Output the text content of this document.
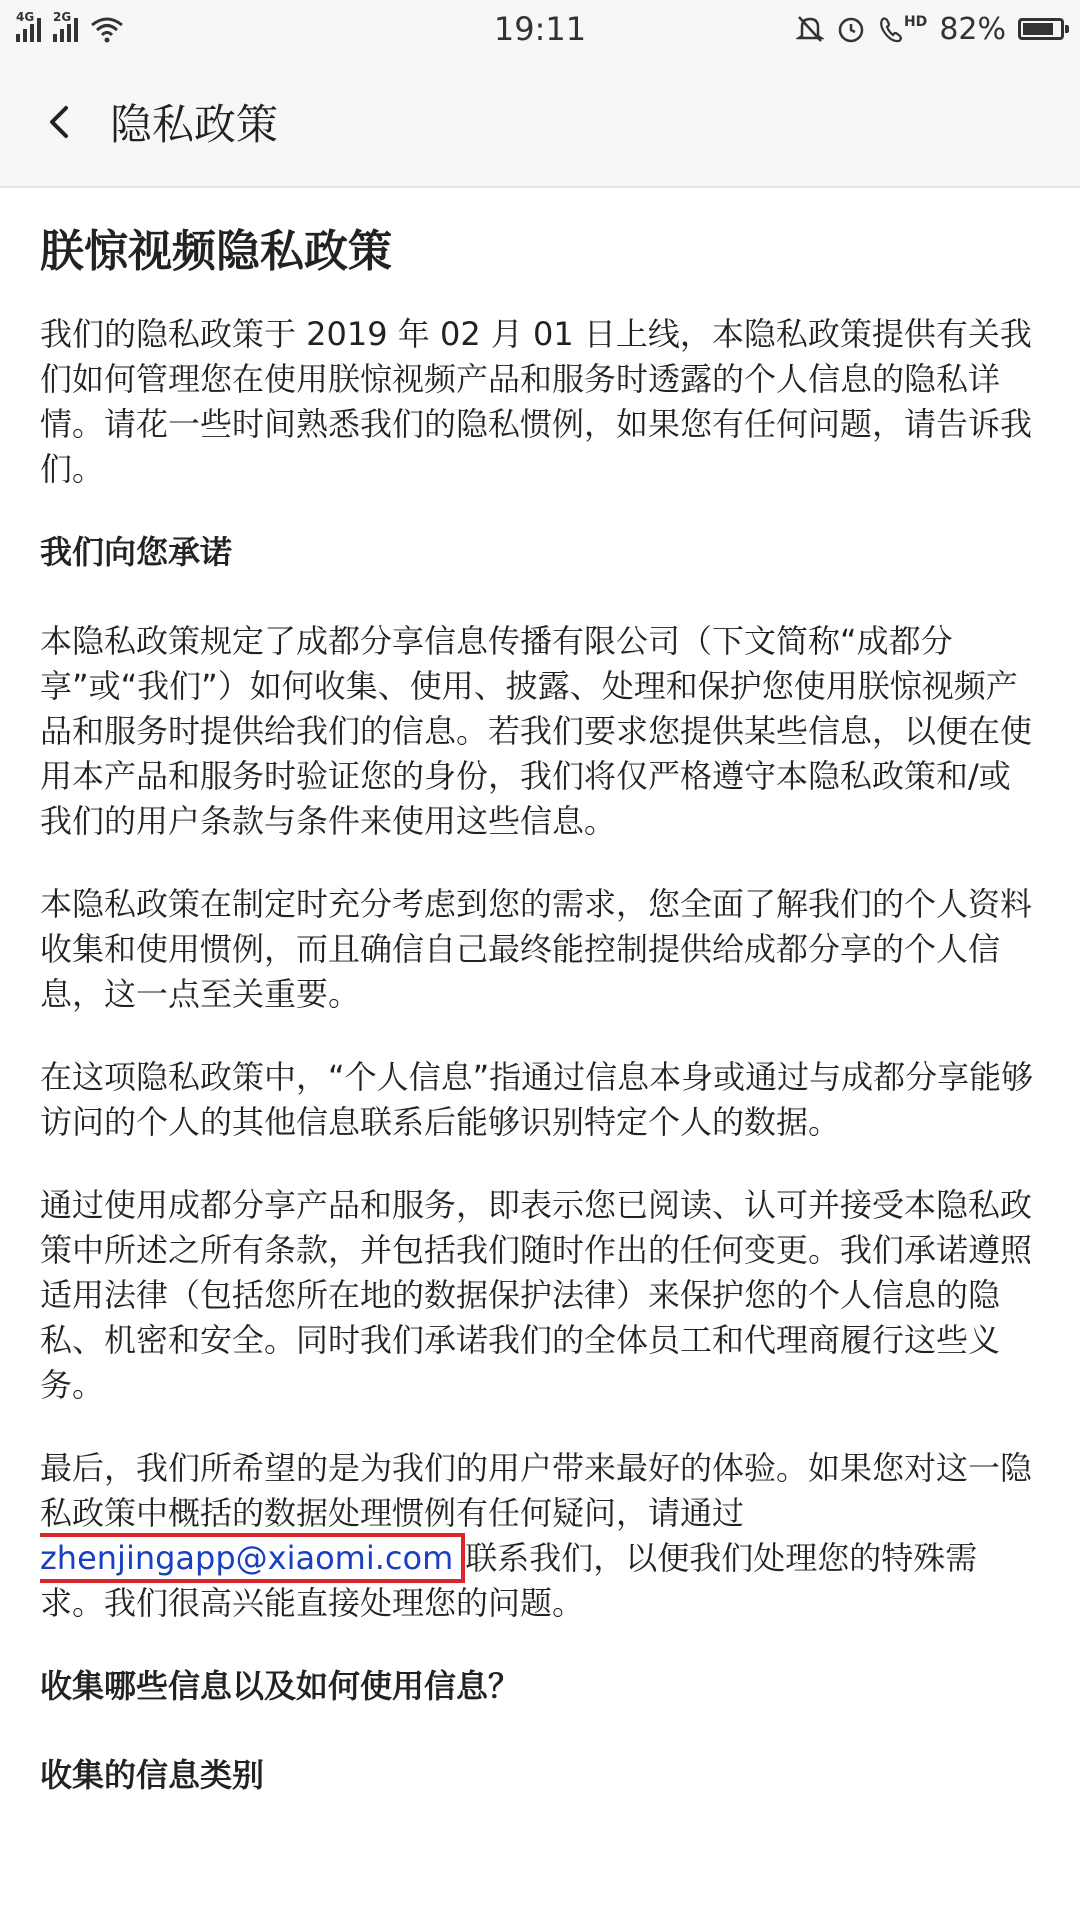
4G 2G	19:11	HD 82%
隐私政策
朕惊视频隐私政策

我们的隐私政策于 2019 年 02 月 01 日上线，本隐私政策提供有关我们如何管理您在使用朕惊视频产品和服务时透露的个人信息的隐私详情。请花一些时间熟悉我们的隐私惯例，如果您有任何问题，请告诉我们。

我们向您承诺

本隐私政策规定了成都分享信息传播有限公司（下文简称“成都分享”或“我们”）如何收集、使用、披露、处理和保护您使用朕惊视频产品和服务时提供给我们的信息。若我们要求您提供某些信息，以便在使用本产品和服务时验证您的身份，我们将仅严格遵守本隐私政策和/或我们的用户条款与条件来使用这些信息。

本隐私政策在制定时充分考虑到您的需求，您全面了解我们的个人资料收集和使用惯例，而且确信自己最终能控制提供给成都分享的个人信息，这一点至关重要。

在这项隐私政策中，“个人信息”指通过信息本身或通过与成都分享能够访问的个人的其他信息联系后能够识别特定个人的数据。

通过使用成都分享产品和服务，即表示您已阅读、认可并接受本隐私政策中所述之所有条款，并包括我们随时作出的任何变更。我们承诺遵照适用法律（包括您所在地的数据保护法律）来保护您的个人信息的隐私、机密和安全。同时我们承诺我们的全体员工和代理商履行这些义务。

最后，我们所希望的是为我们的用户带来最好的体验。如果您对这一隐私政策中概括的数据处理惯例有任何疑问，请通过zhenjingapp@xiaomi.com 联系我们，以便我们处理您的特殊需求。我们很高兴能直接处理您的问题。

收集哪些信息以及如何使用信息？
收集的信息类别
